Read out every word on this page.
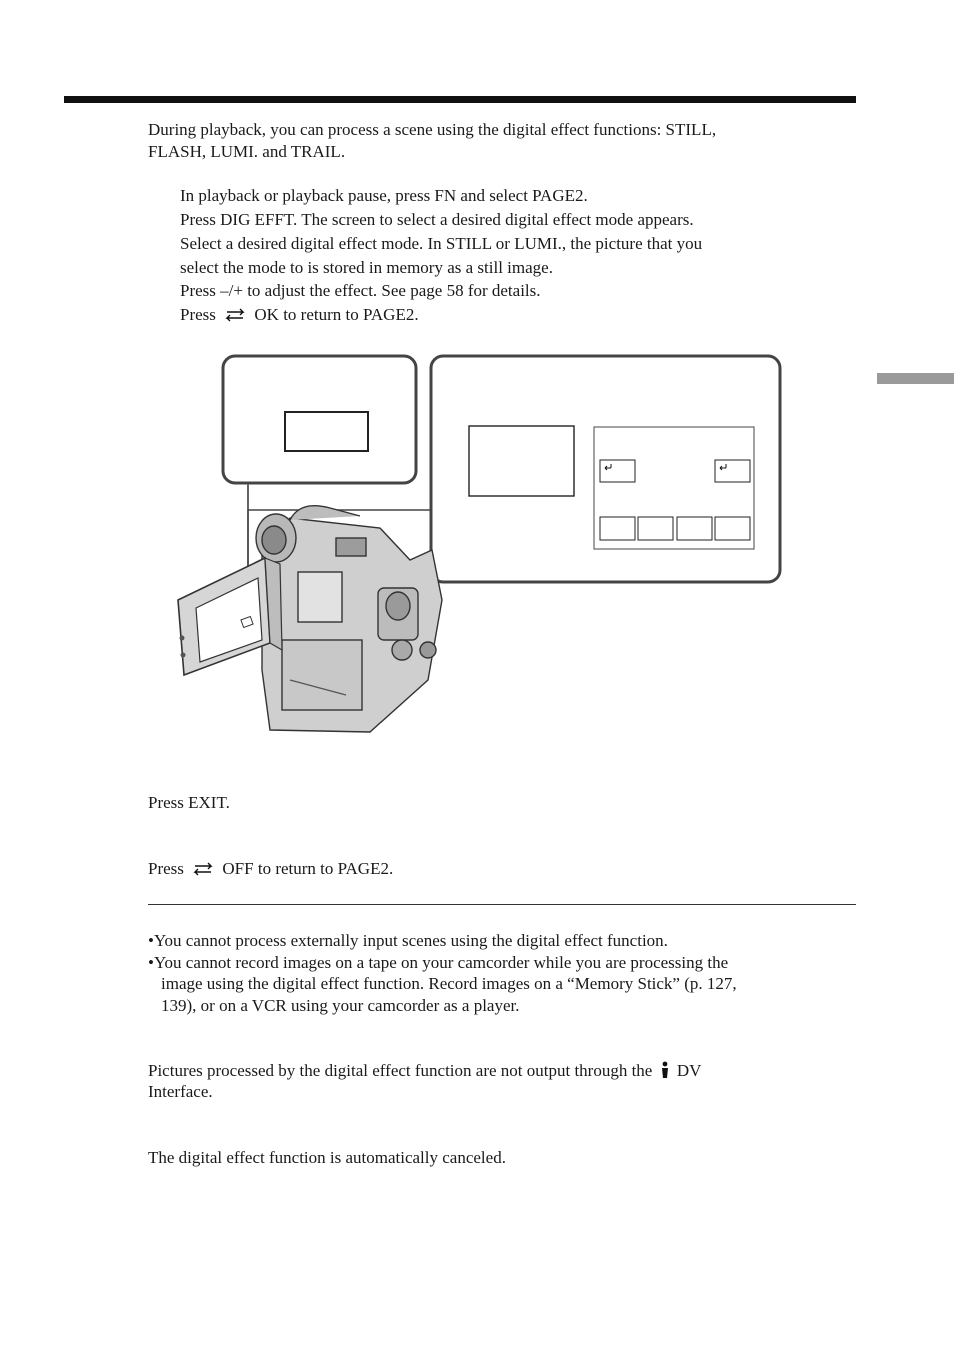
During playback, you can process a scene using the digital effect functions: STILL,
FLASH, LUMI. and TRAIL.
In playback or playback pause, press FN and select PAGE2.
Press DIG EFFT. The screen to select a desired digital effect mode appears.
Select a desired digital effect mode. In STILL or LUMI., the picture that you
select the mode to is stored in memory as a still image.
Press –/+ to adjust the effect. See page 58 for details.
Press OK to return to PAGE2.
Press EXIT.
Press OFF to return to PAGE2.
•You cannot process externally input scenes using the digital effect function.
•You cannot record images on a tape on your camcorder while you are processing the
image using the digital effect function. Record images on a “Memory Stick” (p. 127,
139), or on a VCR using your camcorder as a player.
Pictures processed by the digital effect function are not output through the DV
Interface.
The digital effect function is automatically canceled.
